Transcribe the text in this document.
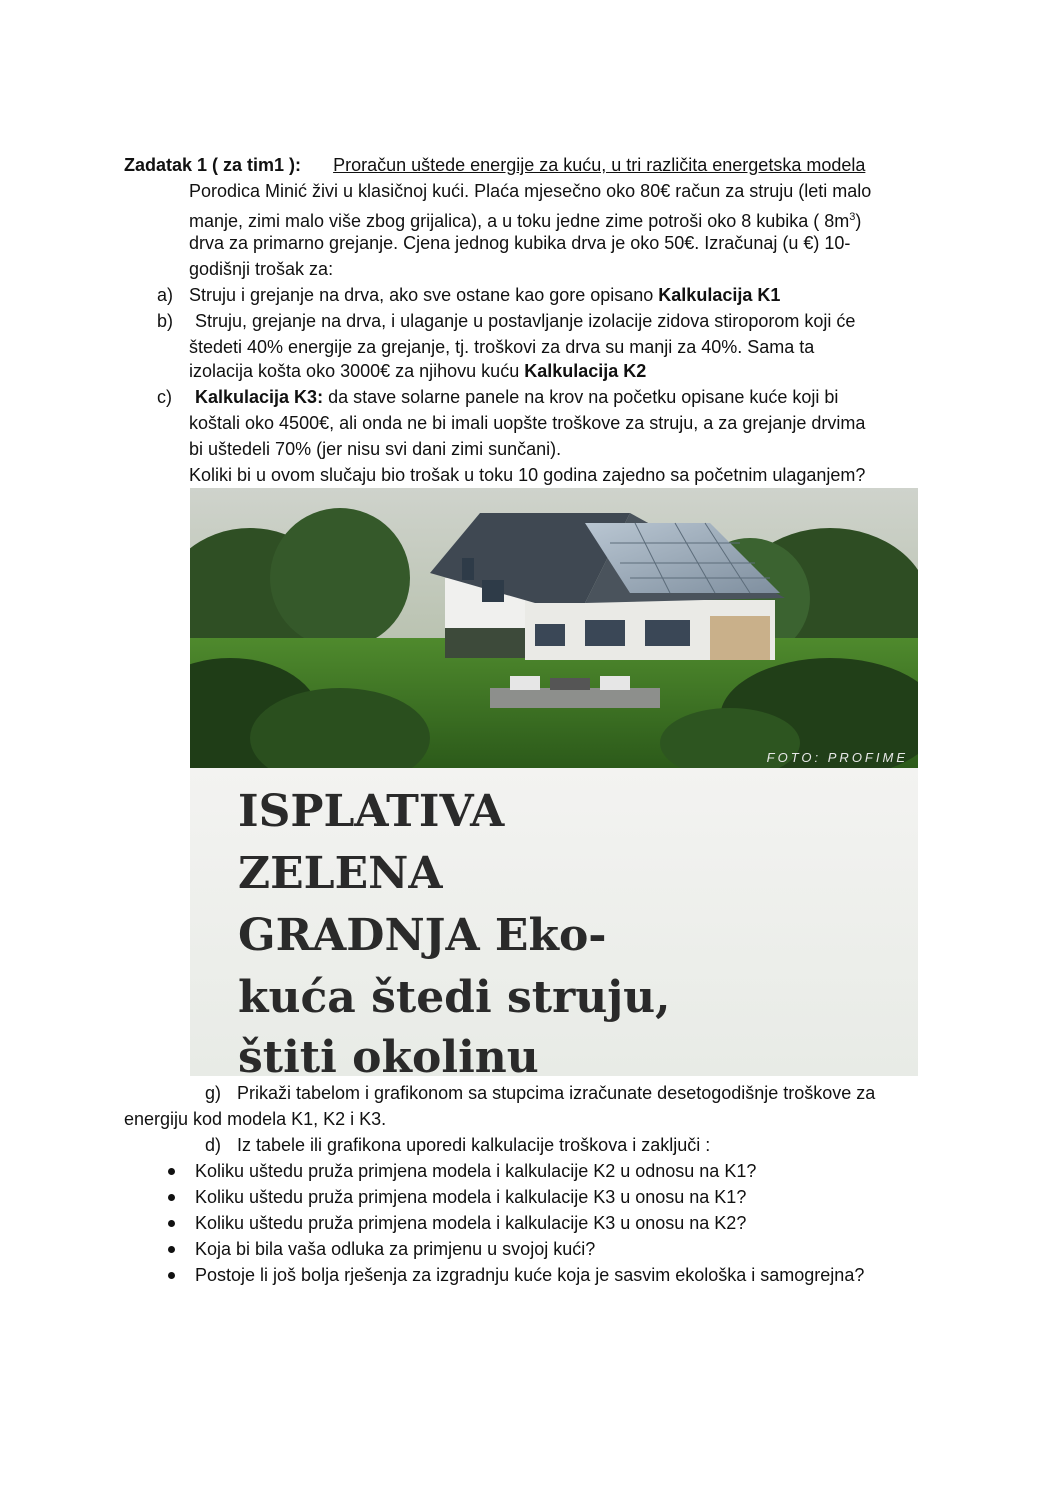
Zadatak 1 ( za tim1 ): Proračun uštede energije za kuću, u tri različita energetska modela
Porodica Minić živi u klasičnoj kući. Plaća mjesečno oko 80€ račun za struju (leti malo
manje, zimi malo više zbog grijalica), a u toku jedne zime potroši oko 8 kubika ( $8m^3$)
drva za primarno grejanje. Cjena jednog kubika drva je oko 50€. Izračunaj (u €) 10-
godišnji trošak za:
a) Struju i grejanje na drva, ako sve ostane kao gore opisano Kalkulacija K1
b) Struju, grejanje na drva, i ulaganje u postavljanje izolacije zidova stiroporom koji će
štedeti 40% energije za grejanje, tj. troškovi za drva su manji za 40%. Sama ta
izolacija košta oko 3000€ za njihovu kuću Kalkulacija K2
c) Kalkulacija K3: da stave solarne panele na krov na početku opisane kuće koji bi
koštali oko 4500€, ali onda ne bi imali uopšte troškove za struju, a za grejanje drvima
bi uštedeli 70% (jer nisu svi dani zimi sunčani).
Koliki bi u ovom slučaju bio trošak u toku 10 godina zajedno sa početnim ulaganjem?
FOTO: PROFIME
ISPLATIVA
ZELENA
GRADNJA Eko-
kuća štedi struju,
štiti okolinu
g) Prikaži tabelom i grafikonom sa stupcima izračunate desetogodišnje troškove za
energiju kod modela K1, K2 i K3.
d) Iz tabele ili grafikona uporedi kalkulacije troškova i zaključi :
Koliku uštedu pruža primjena modela i kalkulacije K2 u odnosu na K1?
Koliku uštedu pruža primjena modela i kalkulacije K3 u onosu na K1?
Koliku uštedu pruža primjena modela i kalkulacije K3 u onosu na K2?
Koja bi bila vaša odluka za primjenu u svojoj kući?
Postoje li još bolja rješenja za izgradnju kuće koja je sasvim ekološka i samogrejna?
